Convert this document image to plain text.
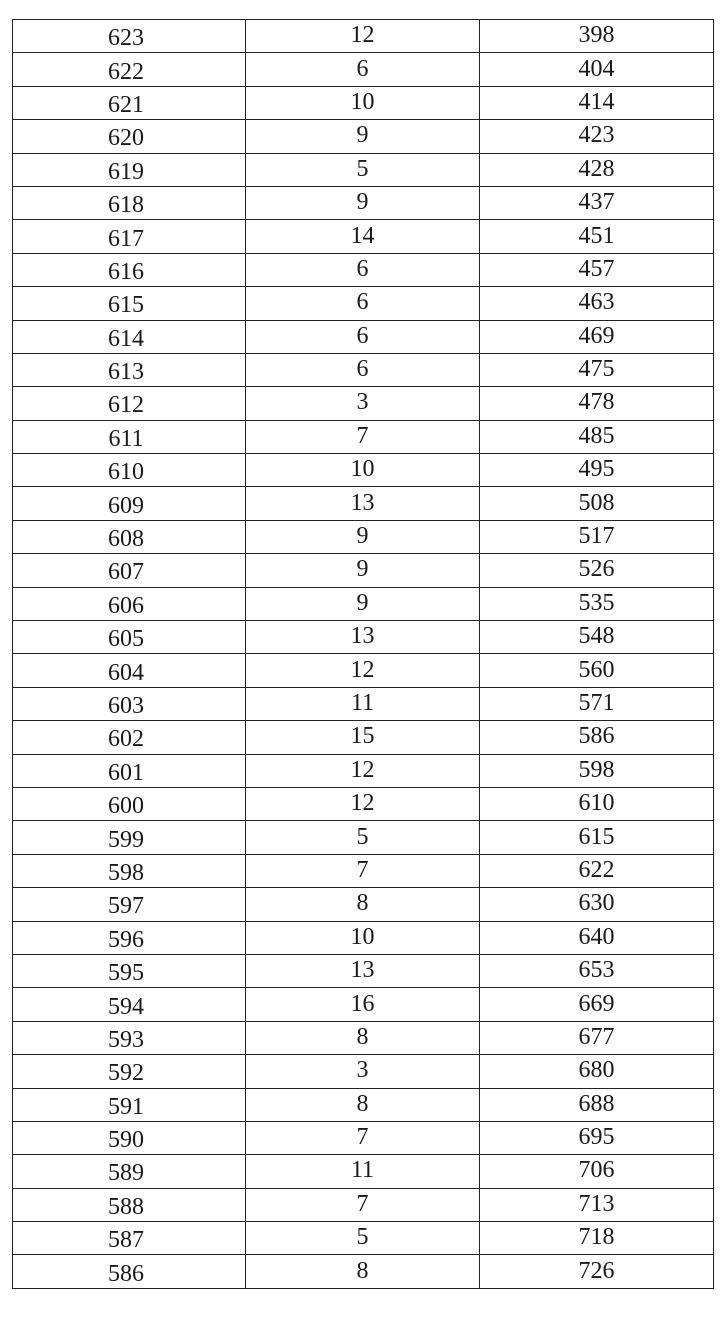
623	12	398
622	6	404
621	10	414
620	9	423
619	5	428
618	9	437
617	14	451
616	6	457
615	6	463
614	6	469
613	6	475
612	3	478
611	7	485
610	10	495
609	13	508
608	9	517
607	9	526
606	9	535
605	13	548
604	12	560
603	11	571
602	15	586
601	12	598
600	12	610
599	5	615
598	7	622
597	8	630
596	10	640
595	13	653
594	16	669
593	8	677
592	3	680
591	8	688
590	7	695
589	11	706
588	7	713
587	5	718
586	8	726
